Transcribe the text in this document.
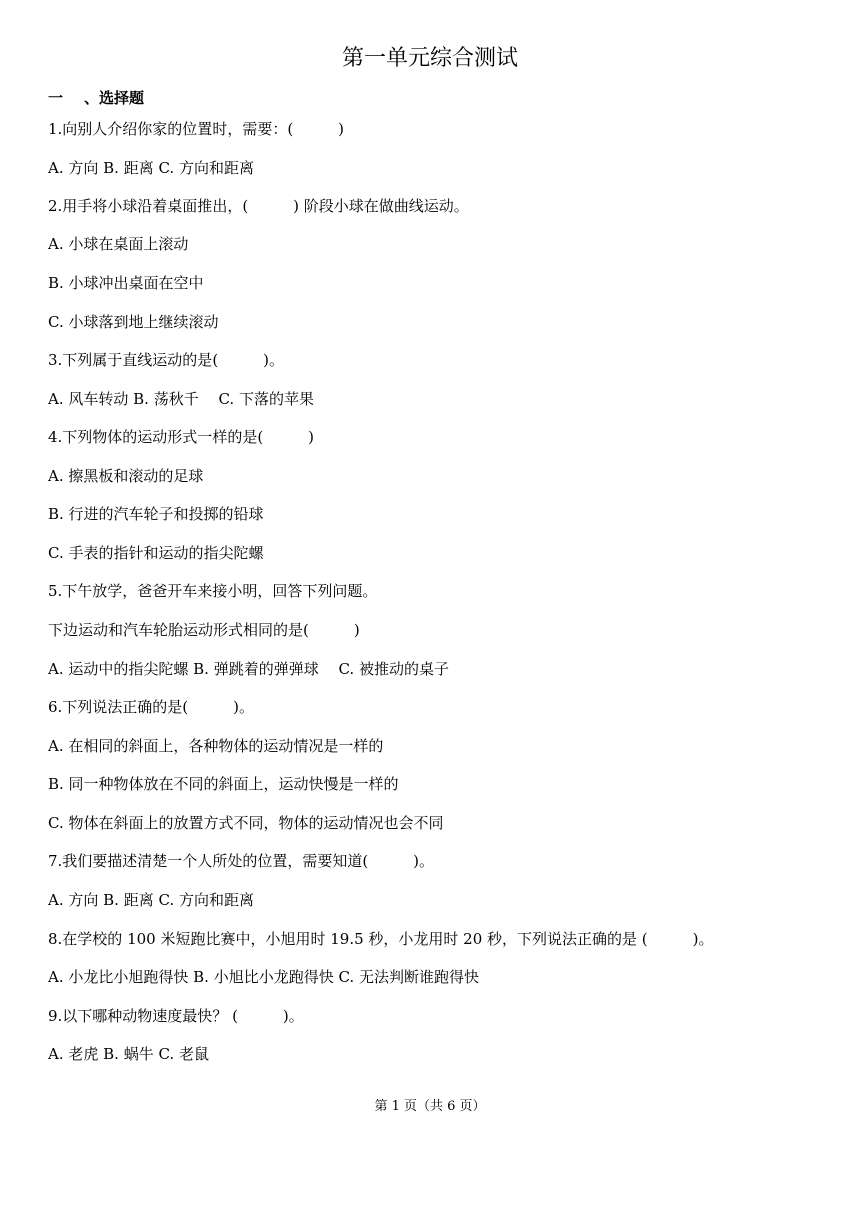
第一单元综合测试
一 、选择题
1.向别人介绍你家的位置时，需要：(　　　)
A. 方向 B. 距离 C. 方向和距离
2.用手将小球沿着桌面推出，(　　　) 阶段小球在做曲线运动。
A. 小球在桌面上滚动
B. 小球冲出桌面在空中
C. 小球落到地上继续滚动
3.下列属于直线运动的是(　　　)。
A. 风车转动 B. 荡秋千　 C. 下落的苹果
4.下列物体的运动形式一样的是(　　　)
A. 擦黑板和滚动的足球
B. 行进的汽车轮子和投掷的铅球
C. 手表的指针和运动的指尖陀螺
5.下午放学，爸爸开车来接小明，回答下列问题。
下边运动和汽车轮胎运动形式相同的是(　　　)
A. 运动中的指尖陀螺 B. 弹跳着的弹弹球　 C. 被推动的桌子
6.下列说法正确的是(　　　)。
A. 在相同的斜面上，各种物体的运动情况是一样的
B. 同一种物体放在不同的斜面上，运动快慢是一样的
C. 物体在斜面上的放置方式不同，物体的运动情况也会不同
7.我们要描述清楚一个人所处的位置，需要知道(　　　)。
A. 方向 B. 距离 C. 方向和距离
8.在学校的 100 米短跑比赛中，小旭用时 19.5 秒，小龙用时 20 秒，下列说法正确的是 (　　　)。
A. 小龙比小旭跑得快 B. 小旭比小龙跑得快 C. 无法判断谁跑得快
9.以下哪种动物速度最快？ (　　　)。
A. 老虎 B. 蜗牛 C. 老鼠
第 1 页（共 6 页）
